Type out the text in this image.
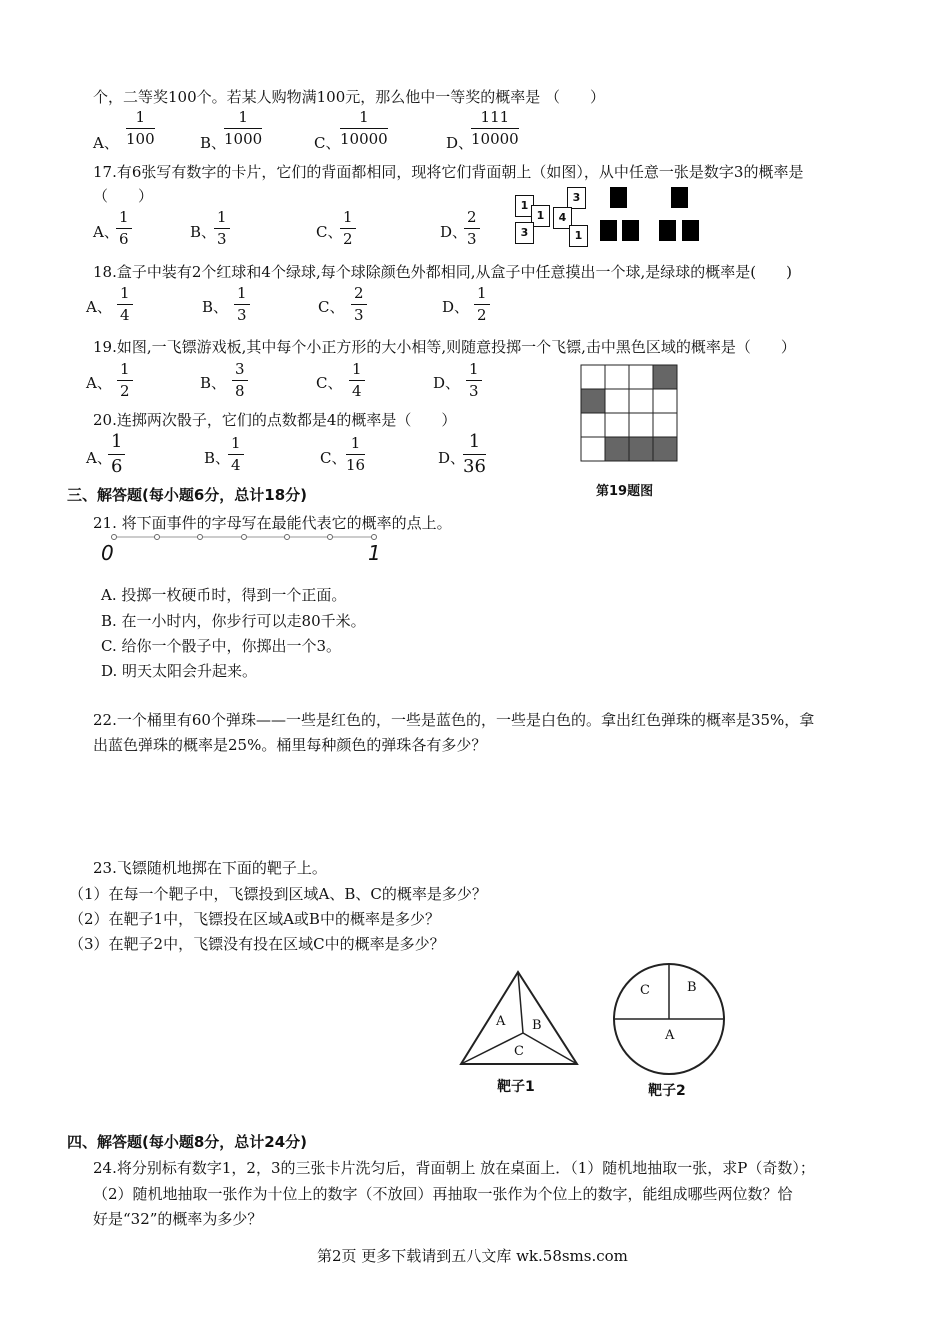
个，二等奖100个。若某人购物满100元，那么他中一等奖的概率是 （　　）
A、 $\frac{1}{100}$	B、
$\frac{1}{1000}$	C、 $\frac{1}{10000}$	D、
$\frac{111}{10000}$
17.有6张写有数字的卡片，它们的背面都相同，现将它们背面朝上（如图），从中任意一张是数字3的概率是
（　　）
A、
$\frac{1}{6}$	B、
$\frac{1}{3}$	C、
$\frac{1}{2}$	D、
$\frac{2}{3}$
1
1
3
4
3	1
18.盒子中装有2个红球和4个绿球,每个球除颜色外都相同,从盒子中任意摸出一个球,是绿球的概率是(　　)
A、 $\frac{1}{4}$	B、 $\frac{1}{3}$	C、 $\frac{2}{3}$	D、 $\frac{1}{2}$
19.如图,一飞镖游戏板,其中每个小正方形的大小相等,则随意投掷一个飞镖,击中黑色区域的概率是（　　）
A、 $\frac{1}{2}$	B、 $\frac{3}{8}$	C、 $\frac{1}{4}$	D、 $\frac{1}{3}$
第19题图
20.连掷两次骰子，它们的点数都是4的概率是（　　）
A、
$\frac{1}{6}$	B、
$\frac{1}{4}$	C、 $\frac{1}{16}$	D、
$\frac{1}{36}$
三、解答题(每小题6分，总计18分)
21. 将下面事件的字母写在最能代表它的概率的点上。
0	1
A. 投掷一枚硬币时，得到一个正面。
B. 在一小时内，你步行可以走80千米。
C. 给你一个骰子中，你掷出一个3。
D. 明天太阳会升起来。
22.一个桶里有60个弹珠——一些是红色的，一些是蓝色的，一些是白色的。拿出红色弹珠的概率是35%，拿
出蓝色弹珠的概率是25%。桶里每种颜色的弹珠各有多少？
23.飞镖随机地掷在下面的靶子上。
（1）在每一个靶子中，飞镖投到区域A、B、C的概率是多少？
（2）在靶子1中，飞镖投在区域A或B中的概率是多少？
（3）在靶子2中，飞镖没有投在区域C中的概率是多少？
A B
C
靶子1
C	B
A
靶子2
四、解答题(每小题8分，总计24分)
24.将分别标有数字1，2，3的三张卡片洗匀后，背面朝上 放在桌面上．（1）随机地抽取一张，求P（奇数）；
（2）随机地抽取一张作为十位上的数字（不放回）再抽取一张作为个位上的数字，能组成哪些两位数？恰
好是“32”的概率为多少？
第2页 更多下载请到五八文库 wk.58sms.com
